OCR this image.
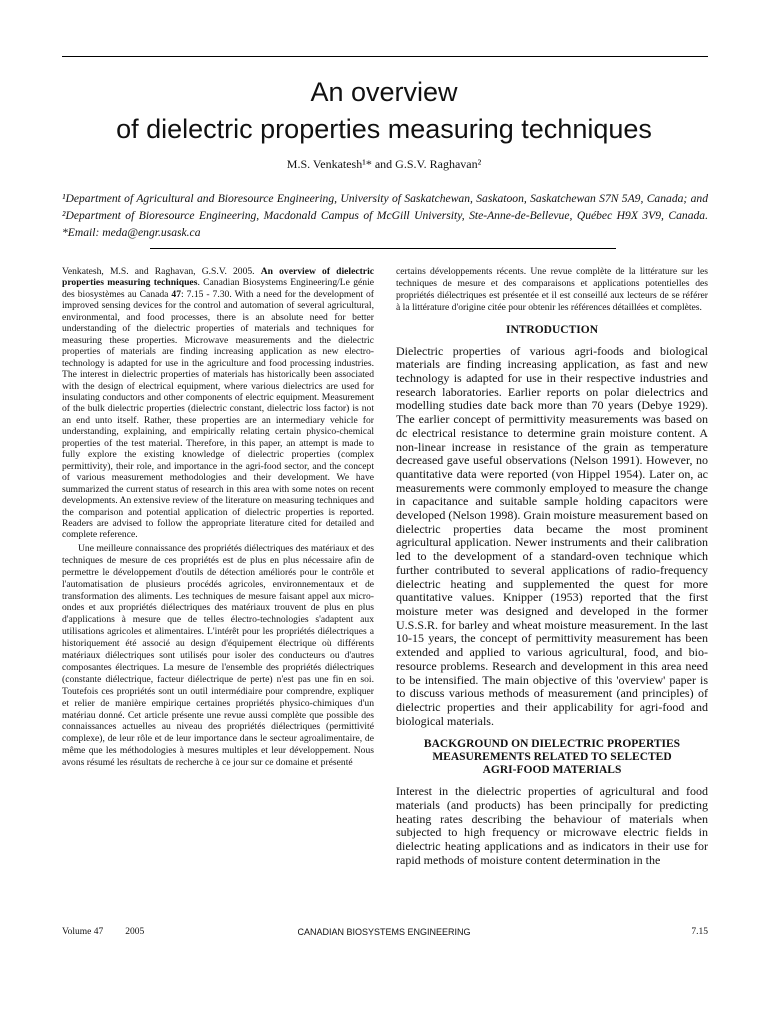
An overview
of dielectric properties measuring techniques
M.S. Venkatesh¹* and G.S.V. Raghavan²
¹Department of Agricultural and Bioresource Engineering, University of Saskatchewan, Saskatoon, Saskatchewan S7N 5A9, Canada; and ²Department of Bioresource Engineering, Macdonald Campus of McGill University, Ste-Anne-de-Bellevue, Québec H9X 3V9, Canada. *Email: meda@engr.usask.ca

Venkatesh, M.S. and Raghavan, G.S.V. 2005. An overview of dielectric properties measuring techniques. Canadian Biosystems Engineering/Le génie des biosystèmes au Canada 47: 7.15 - 7.30. With a need for the development of improved sensing devices for the control and automation of several agricultural, environmental, and food processes, there is an absolute need for better understanding of the dielectric properties of materials and techniques for measuring these properties. Microwave measurements and the dielectric properties of materials are finding increasing application as new electro-technology is adapted for use in the agriculture and food processing industries. The interest in dielectric properties of materials has historically been associated with the design of electrical equipment, where various dielectrics are used for insulating conductors and other components of electric equipment. Measurement of the bulk dielectric properties (dielectric constant, dielectric loss factor) is not an end unto itself. Rather, these properties are an intermediary vehicle for understanding, explaining, and empirically relating certain physico-chemical properties of the test material. Therefore, in this paper, an attempt is made to fully explore the existing knowledge of dielectric properties (complex permittivity), their role, and importance in the agri-food sector, and the concept of various measurement methodologies and their development. We have summarized the current status of research in this area with some notes on recent developments. An extensive review of the literature on measuring techniques and the comparison and potential application of dielectric properties is reported. Readers are advised to follow the appropriate literature cited for detailed and complete reference.

Une meilleure connaissance des propriétés diélectriques des matériaux et des techniques de mesure de ces propriétés est de plus en plus nécessaire afin de permettre le développement d'outils de détection améliorés pour le contrôle et l'automatisation de plusieurs procédés agricoles, environnementaux et de transformation des aliments. Les techniques de mesure faisant appel aux micro-ondes et aux propriétés diélectriques des matériaux trouvent de plus en plus d'applications à mesure que de telles électro-technologies s'adaptent aux utilisations agricoles et alimentaires. L'intérêt pour les propriétés diélectriques a historiquement été associé au design d'équipement électrique où différents matériaux diélectriques sont utilisés pour isoler des conducteurs ou d'autres composantes électriques. La mesure de l'ensemble des propriétés diélectriques (constante diélectrique, facteur diélectrique de perte) n'est pas une fin en soi. Toutefois ces propriétés sont un outil intermédiaire pour comprendre, expliquer et relier de manière empirique certaines propriétés physico-chimiques d'un matériau donné. Cet article présente une revue aussi complète que possible des connaissances actuelles au niveau des propriétés diélectriques (permittivité complexe), de leur rôle et de leur importance dans le secteur agroalimentaire, de même que les méthodologies à mesures multiples et leur développement. Nous avons résumé les résultats de recherche à ce jour sur ce domaine et présenté

certains développements récents. Une revue complète de la littérature sur les techniques de mesure et des comparaisons et applications potentielles des propriétés diélectriques est présentée et il est conseillé aux lecteurs de se référer à la littérature d'origine citée pour obtenir les références détaillées et complètes.

INTRODUCTION

Dielectric properties of various agri-foods and biological materials are finding increasing application, as fast and new technology is adapted for use in their respective industries and research laboratories. Earlier reports on polar dielectrics and modelling studies date back more than 70 years (Debye 1929). The earlier concept of permittivity measurements was based on dc electrical resistance to determine grain moisture content. A non-linear increase in resistance of the grain as temperature decreased gave useful observations (Nelson 1991). However, no quantitative data were reported (von Hippel 1954). Later on, ac measurements were commonly employed to measure the change in capacitance and suitable sample holding capacitors were developed (Nelson 1998). Grain moisture measurement based on dielectric properties data became the most prominent agricultural application. Newer instruments and their calibration led to the development of a standard-oven technique which further contributed to several applications of radio-frequency dielectric heating and supplemented the quest for more quantitative values. Knipper (1953) reported that the first moisture meter was designed and developed in the former U.S.S.R. for barley and wheat moisture measurement. In the last 10-15 years, the concept of permittivity measurement has been extended and applied to various agricultural, food, and bio-resource problems. Research and development in this area need to be intensified. The main objective of this 'overview' paper is to discuss various methods of measurement (and principles) of dielectric properties and their applicability for agri-food and biological materials.

BACKGROUND ON DIELECTRIC PROPERTIES
MEASUREMENTS RELATED TO SELECTED
AGRI-FOOD MATERIALS

Interest in the dielectric properties of agricultural and food materials (and products) has been principally for predicting heating rates describing the behaviour of materials when subjected to high frequency or microwave electric fields in dielectric heating applications and as indicators in their use for rapid methods of moisture content determination in the

Volume 47 2005	CANADIAN BIOSYSTEMS ENGINEERING	7.15
